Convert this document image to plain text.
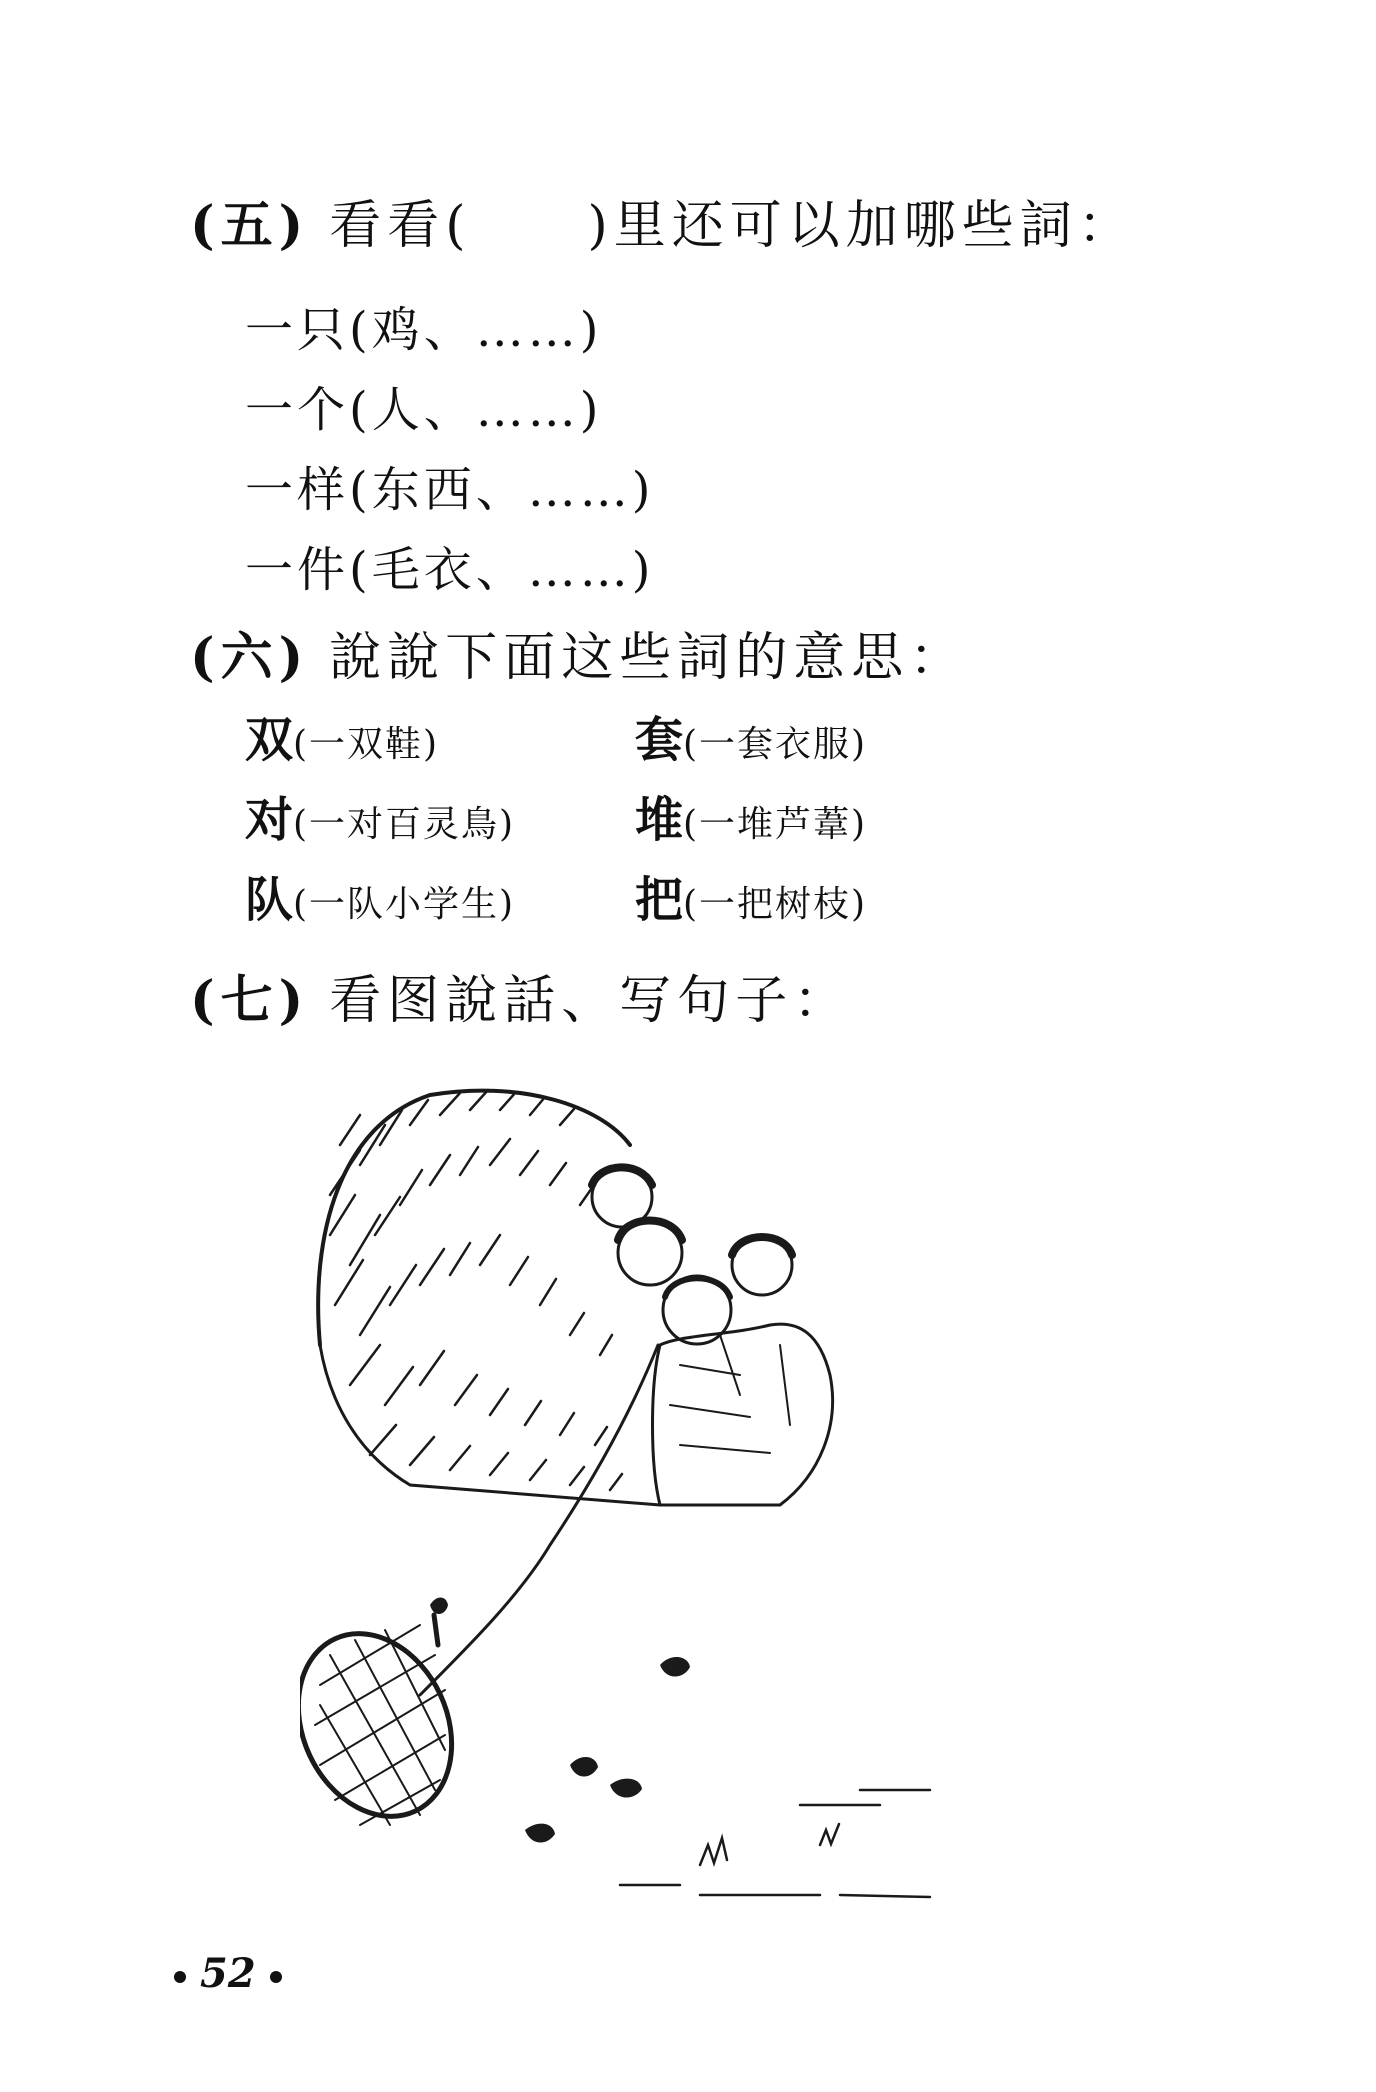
(五) 看看(　　)里还可以加哪些詞：
一只(鸡、……)
一个(人、……)
一样(东西、……)
一件(毛衣、……)
(六) 說說下面这些詞的意思：
双(一双鞋)	套(一套衣服)
对(一对百灵鳥)	堆(一堆芦葦)
队(一队小学生)	把(一把树枝)
(七) 看图說話、写句子：
52
